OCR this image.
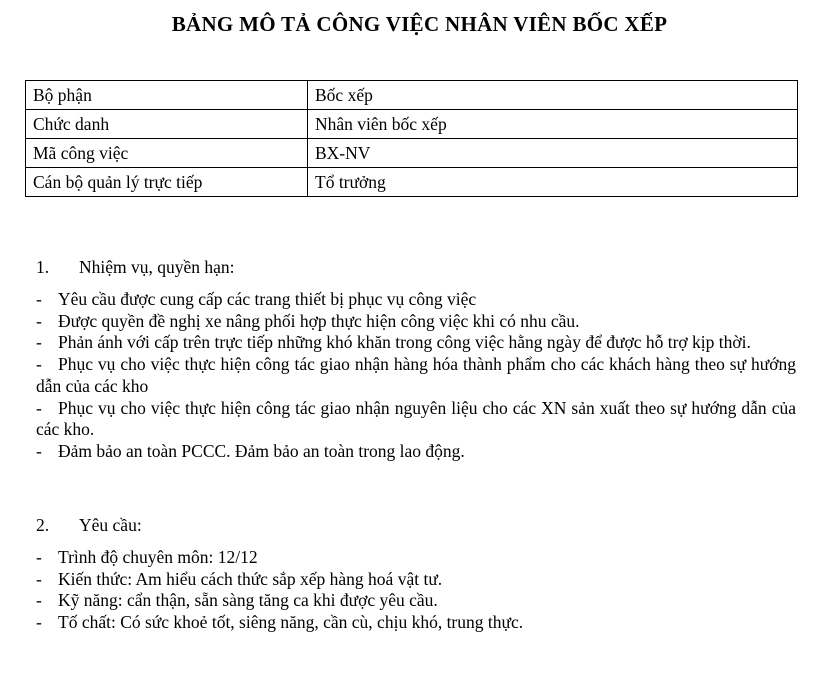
BẢNG MÔ TẢ CÔNG VIỆC NHÂN VIÊN BỐC XẾP
Bộ phận	Bốc xếp
Chức danh	Nhân viên bốc xếp
Mã công việc	BX-NV
Cán bộ quản lý trực tiếp	Tổ trưởng
1. Nhiệm vụ, quyền hạn:
- Yêu cầu được cung cấp các trang thiết bị phục vụ công việc
- Được quyền đề nghị xe nâng phối hợp thực hiện công việc khi có nhu cầu.
- Phản ánh với cấp trên trực tiếp những khó khăn trong công việc hằng ngày để được hỗ trợ kịp thời.
- Phục vụ cho việc thực hiện công tác giao nhận hàng hóa thành phẩm cho các khách hàng theo sự hướng dẫn của các kho
- Phục vụ cho việc thực hiện công tác giao nhận nguyên liệu cho các XN sản xuất theo sự hướng dẫn của các kho.
- Đảm bảo an toàn PCCC. Đảm bảo an toàn trong lao động.
2. Yêu cầu:
- Trình độ chuyên môn: 12/12
- Kiến thức: Am hiểu cách thức sắp xếp hàng hoá vật tư.
- Kỹ năng: cẩn thận, sẵn sàng tăng ca khi được yêu cầu.
- Tố chất: Có sức khoẻ tốt, siêng năng, cần cù, chịu khó, trung thực.
